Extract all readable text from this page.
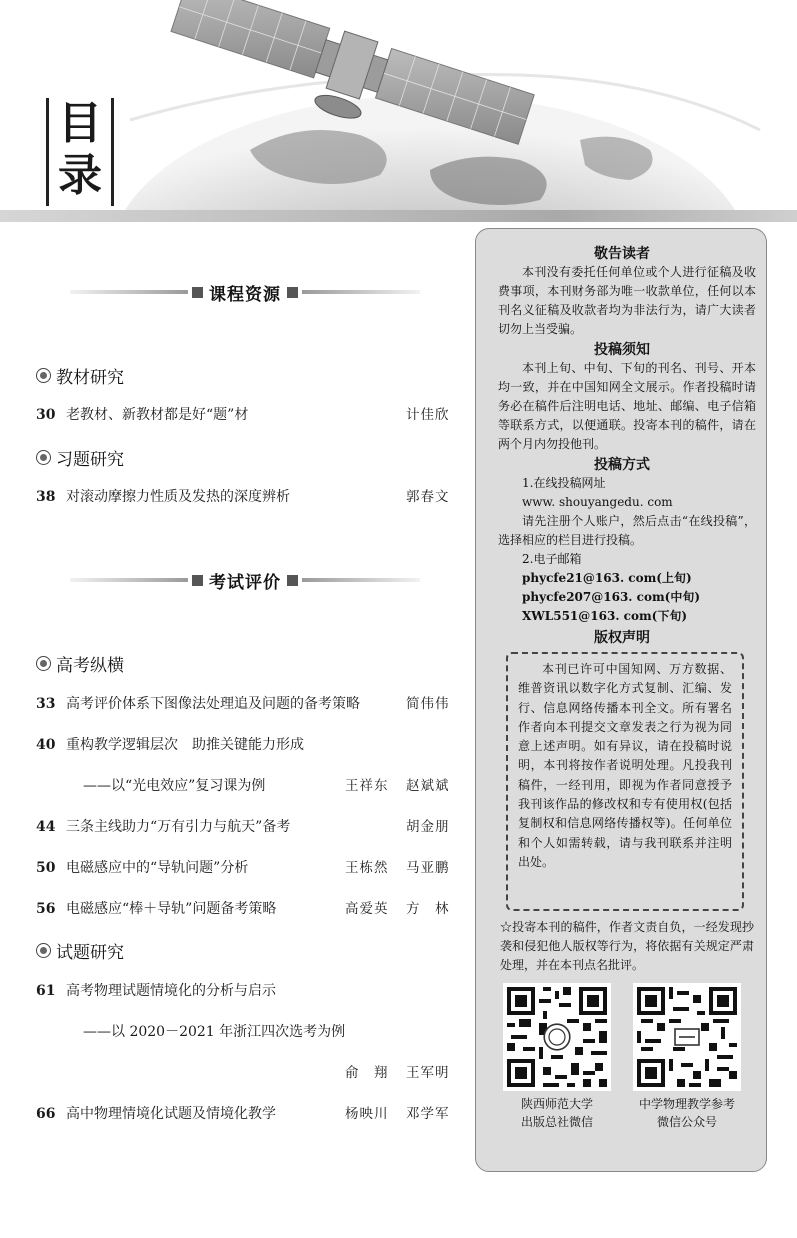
目
录
课程资源
教材研究
30 老教材、新教材都是好“题”材	计佳欣
习题研究
38 对滚动摩擦力性质及发热的深度辨析	郭春文
考试评价
高考纵横
33 高考评价体系下图像法处理追及问题的备考策略	简伟伟
40 重构教学逻辑层次　助推关键能力形成
——以“光电效应”复习课为例	王祥东 赵斌斌
44 三条主线助力“万有引力与航天”备考	胡金朋
50 电磁感应中的“导轨问题”分析	王栋然 马亚鹏
56 电磁感应“棒＋导轨”问题备考策略	高爱英 方　林
试题研究
61 高考物理试题情境化的分析与启示
——以 2020－2021 年浙江四次选考为例
俞　翔 王军明
66 高中物理情境化试题及情境化教学	杨映川 邓学军
敬告读者
本刊没有委托任何单位或个人进行征稿及收费事项，本刊财务部为唯一收款单位，任何以本刊名义征稿及收款者均为非法行为，请广大读者切勿上当受骗。
投稿须知
本刊上旬、中旬、下旬的刊名、刊号、开本均一致，并在中国知网全文展示。作者投稿时请务必在稿件后注明电话、地址、邮编、电子信箱等联系方式，以便通联。投寄本刊的稿件，请在两个月内勿投他刊。
投稿方式
1.在线投稿网址
www. shouyangedu. com
请先注册个人账户，然后点击“在线投稿”，选择相应的栏目进行投稿。
2.电子邮箱
phycfe21@163. com(上旬)
phycfe207@163. com(中旬)
XWL551@163. com(下旬)
版权声明

本刊已许可中国知网、万方数据、维普资讯以数字化方式复制、汇编、发行、信息网络传播本刊全文。所有署名作者向本刊提交文章发表之行为视为同意上述声明。如有异议，请在投稿时说明，本刊将按作者说明处理。凡投我刊稿件，一经刊用，即视为作者同意授予我刊该作品的修改权和专有使用权(包括复制权和信息网络传播权等)。任何单位和个人如需转载，请与我刊联系并注明出处。

☆投寄本刊的稿件，作者文责自负，一经发现抄袭和侵犯他人版权等行为，将依据有关规定严肃处理，并在本刊点名批评。
陕西师范大学
出版总社微信
中学物理教学参考
微信公众号
